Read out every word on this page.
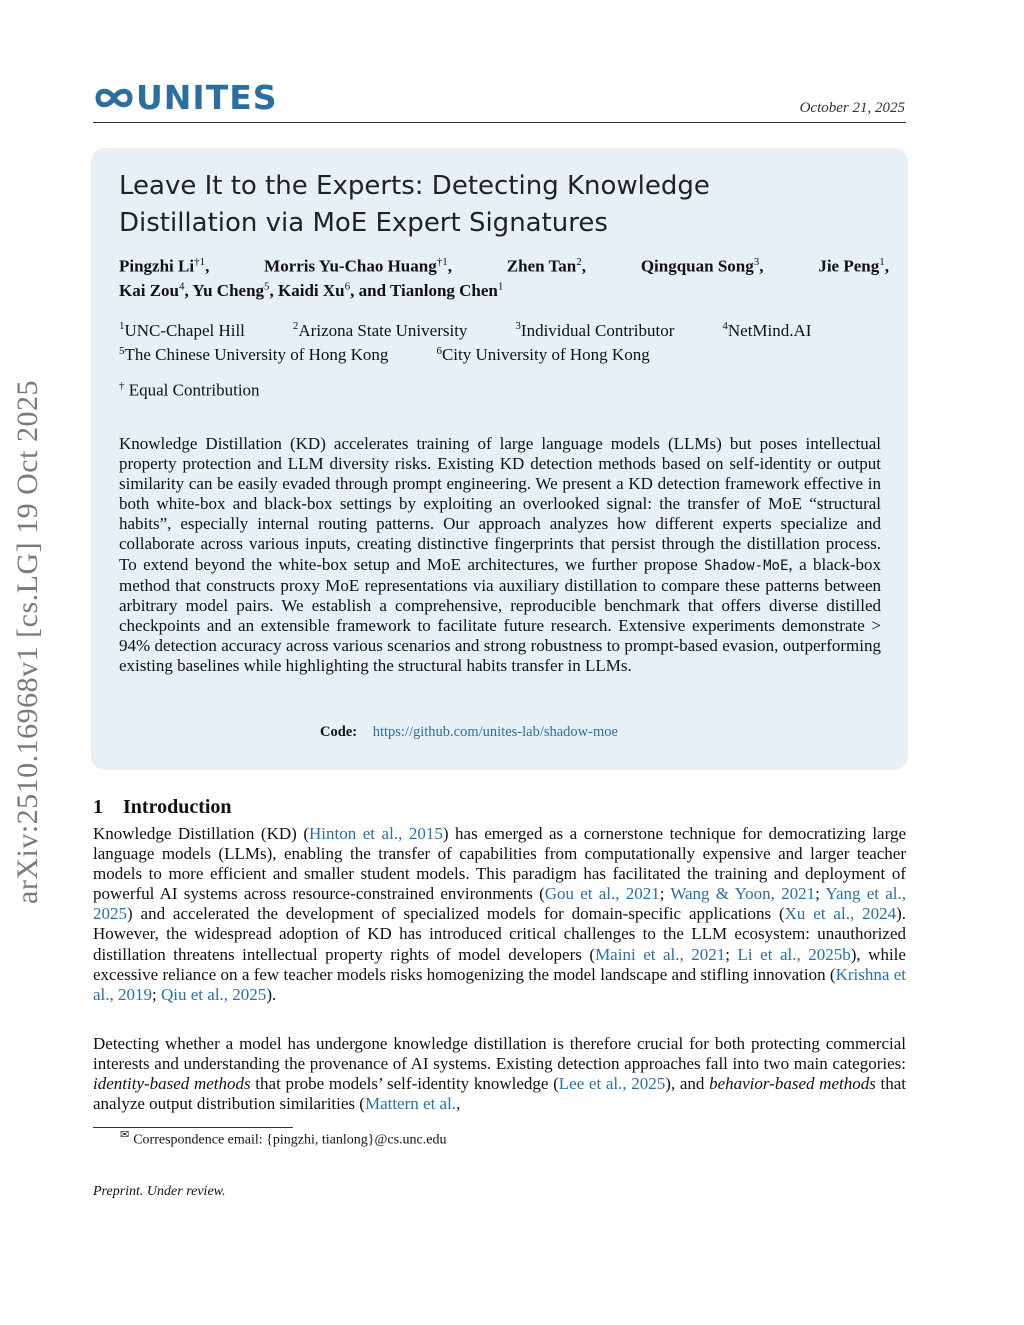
arXiv:2510.16968v1 [cs.LG] 19 Oct 2025
UNITES	October 21, 2025
Leave It to the Experts: Detecting Knowledge Distillation via MoE Expert Signatures
Pingzhi Li$^{\dagger 1}$,	Morris Yu-Chao Huang$^{\dagger 1}$,	Zhen Tan$^2$,	Qingquan Song$^3$,	Jie Peng$^1$,
Kai Zou$^4$, Yu Cheng$^5$, Kaidi Xu$^6$, and Tianlong Chen$^1$
$^1$UNC-Chapel Hill	$^2$Arizona State University	$^3$Individual Contributor	$^4$NetMind.AI
$^5$The Chinese University of Hong Kong	$^6$City University of Hong Kong
† Equal Contribution

Knowledge Distillation (KD) accelerates training of large language models (LLMs) but poses intellectual property protection and LLM diversity risks. Existing KD detection methods based on self-identity or output similarity can be easily evaded through prompt engineering. We present a KD detection framework effective in both white-box and black-box settings by exploiting an overlooked signal: the transfer of MoE “structural habits”, especially internal routing patterns. Our approach analyzes how different experts specialize and collaborate across various inputs, creating distinctive fingerprints that persist through the distillation process. To extend beyond the white-box setup and MoE architectures, we further propose Shadow-MoE, a black-box method that constructs proxy MoE representations via auxiliary distillation to compare these patterns between arbitrary model pairs. We establish a comprehensive, reproducible benchmark that offers diverse distilled checkpoints and an extensible framework to facilitate future research. Extensive experiments demonstrate > 94% detection accuracy across various scenarios and strong robustness to prompt-based evasion, outperforming existing baselines while highlighting the structural habits transfer in LLMs.

Code: https://github.com/unites-lab/shadow-moe
1 Introduction

Knowledge Distillation (KD) (Hinton et al., 2015) has emerged as a cornerstone technique for democratizing large language models (LLMs), enabling the transfer of capabilities from computationally expensive and larger teacher models to more efficient and smaller student models. This paradigm has facilitated the training and deployment of powerful AI systems across resource-constrained environments (Gou et al., 2021; Wang & Yoon, 2021; Yang et al., 2025) and accelerated the development of specialized models for domain-specific applications (Xu et al., 2024). However, the widespread adoption of KD has introduced critical challenges to the LLM ecosystem: unauthorized distillation threatens intellectual property rights of model developers (Maini et al., 2021; Li et al., 2025b), while excessive reliance on a few teacher models risks homogenizing the model landscape and stifling innovation (Krishna et al., 2019; Qiu et al., 2025).

Detecting whether a model has undergone knowledge distillation is therefore crucial for both protecting commercial interests and understanding the provenance of AI systems. Existing detection approaches fall into two main categories: identity-based methods that probe models’ self-identity knowledge (Lee et al., 2025), and behavior-based methods that analyze output distribution similarities (Mattern et al.,

✉ Correspondence email: {pingzhi, tianlong}@cs.unc.edu
Preprint. Under review.
